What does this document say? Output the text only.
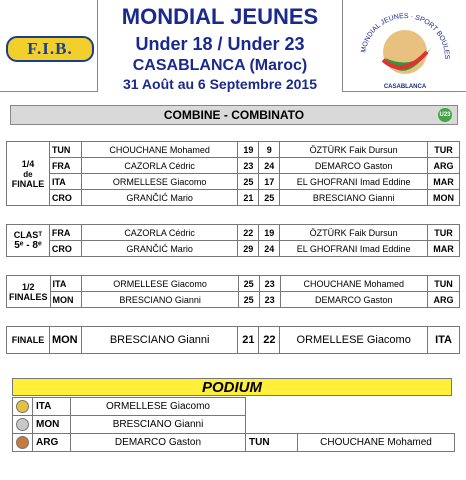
F.I.B.
MONDIAL JEUNES
Under 18 / Under 23
CASABLANCA (Maroc)
31 Août au 6 Septembre 2015
MONDIAL JEUNES · SPORT BOULES
CASABLANCA
COMBINE - COMBINATO	U23
1/4
de
FINALE	TUN	CHOUCHANE Mohamed	19	9	ÖZTÜRK Faik Dursun	TUR
	FRA	CAZORLA Cédric	23	24	DEMARCO Gaston	ARG
	ITA	ORMELLESE Giacomo	25	17	EL GHOFRANI Imad Eddine	MAR
	CRO	GRANČIĆ Mario	21	25	BRESCIANO Gianni	MON
CLASᵀ
5ᵉ - 8ᵉ	FRA	CAZORLA Cédric	22	19	ÖZTÜRK Faik Dursun	TUR
	CRO	GRANČIĆ Mario	29	24	EL GHOFRANI Imad Eddine	MAR
1/2
FINALES	ITA	ORMELLESE Giacomo	25	23	CHOUCHANE Mohamed	TUN
	MON	BRESCIANO Gianni	25	23	DEMARCO Gaston	ARG
FINALE	MON	BRESCIANO Gianni	21	22	ORMELLESE Giacomo	ITA
PODIUM
	ITA	ORMELLESE Giacomo		
	MON	BRESCIANO Gianni		
	ARG	DEMARCO Gaston	TUN	CHOUCHANE Mohamed
